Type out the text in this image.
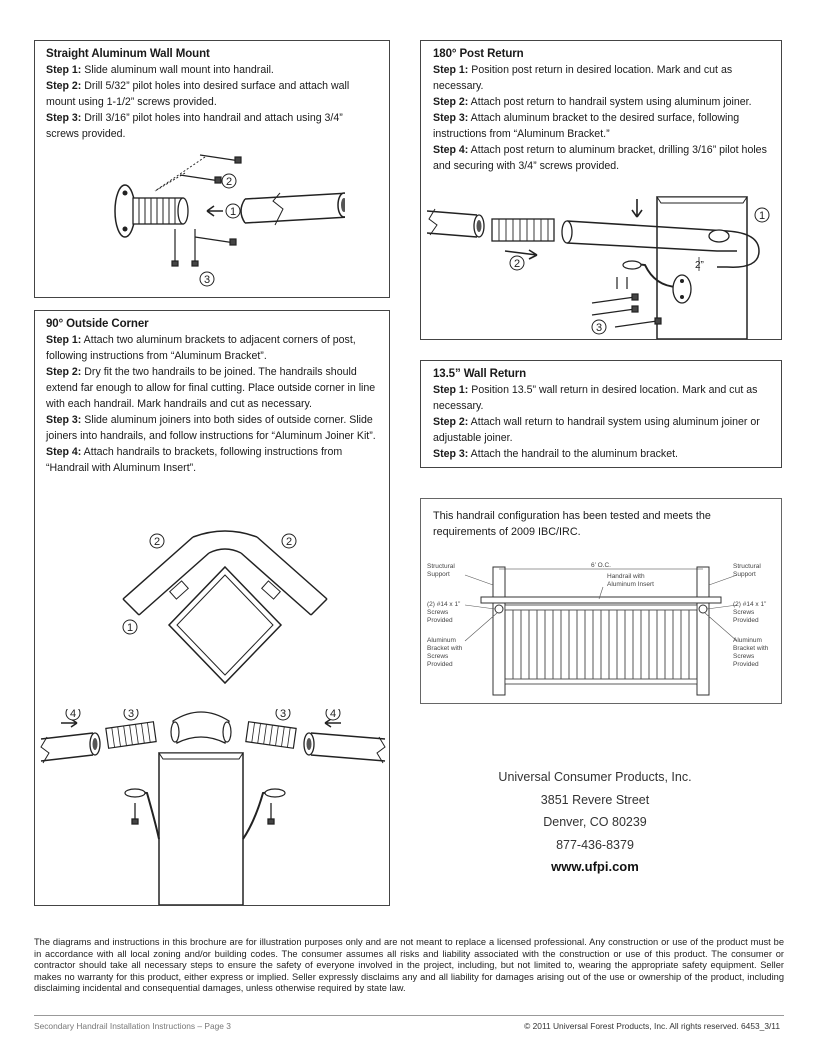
Straight Aluminum Wall Mount

Step 1: Slide aluminum wall mount into handrail.

Step 2: Drill 5/32” pilot holes into desired surface and attach wall mount using 1-1/2” screws provided.

Step 3: Drill 3/16” pilot holes into handrail and attach using 3/4” screws provided.

1
2
3
180° Post Return

Step 1: Position post return in desired location. Mark and cut as necessary.

Step 2: Attach post return to handrail system using aluminum joiner.

Step 3: Attach aluminum bracket to the desired surface, following instructions from “Aluminum Bracket.”

Step 4: Attach post return to aluminum bracket, drilling 3/16” pilot holes and securing with 3/4” screws provided.

2”
1
2
3
90° Outside Corner

Step 1: Attach two aluminum brackets to adjacent corners of post, following instructions from “Aluminum Bracket”.

Step 2: Dry fit the two handrails to be joined. The handrails should extend far enough to allow for final cutting. Place outside corner in line with each handrail. Mark handrails and cut as necessary.

Step 3: Slide aluminum joiners into both sides of outside corner. Slide joiners into handrails, and follow instructions for “Aluminum Joiner Kit”.

Step 4: Attach handrails to brackets, following instructions from “Handrail with Aluminum Insert”.

1
2	2
4	3	3	4
13.5” Wall Return

Step 1: Position 13.5” wall return in desired location. Mark and cut as necessary.

Step 2: Attach wall return to handrail system using aluminum joiner or adjustable joiner.

Step 3: Attach the handrail to the aluminum bracket.

This handrail configuration has been tested and meets the requirements of 2009 IBC/IRC.
6’ O.C.
Structural Support
Structural Support
Handrail with Aluminum Insert
(2) #14 x 1” Screws Provided
(2) #14 x 1” Screws Provided
Aluminum Bracket with Screws Provided
Aluminum Bracket with Screws Provided
Universal Consumer Products, Inc.
3851 Revere Street
Denver, CO 80239
877-436-8379
www.ufpi.com
The diagrams and instructions in this brochure are for illustration purposes only and are not meant to replace a licensed professional. Any construction or use of the product must be in accordance with all local zoning and/or building codes. The consumer assumes all risks and liability associated with the construction or use of this product. The consumer or contractor should take all necessary steps to ensure the safety of everyone involved in the project, including, but not limited to, wearing the appropriate safety equipment. Seller makes no warranty for this product, either express or implied. Seller expressly disclaims any and all liability for damages arising out of the use or ownership of the product, including disclaiming incidental and consequential damages, unless otherwise required by state law.
Secondary Handrail Installation Instructions – Page 3	© 2011 Universal Forest Products, Inc. All rights reserved. 6453_3/11
